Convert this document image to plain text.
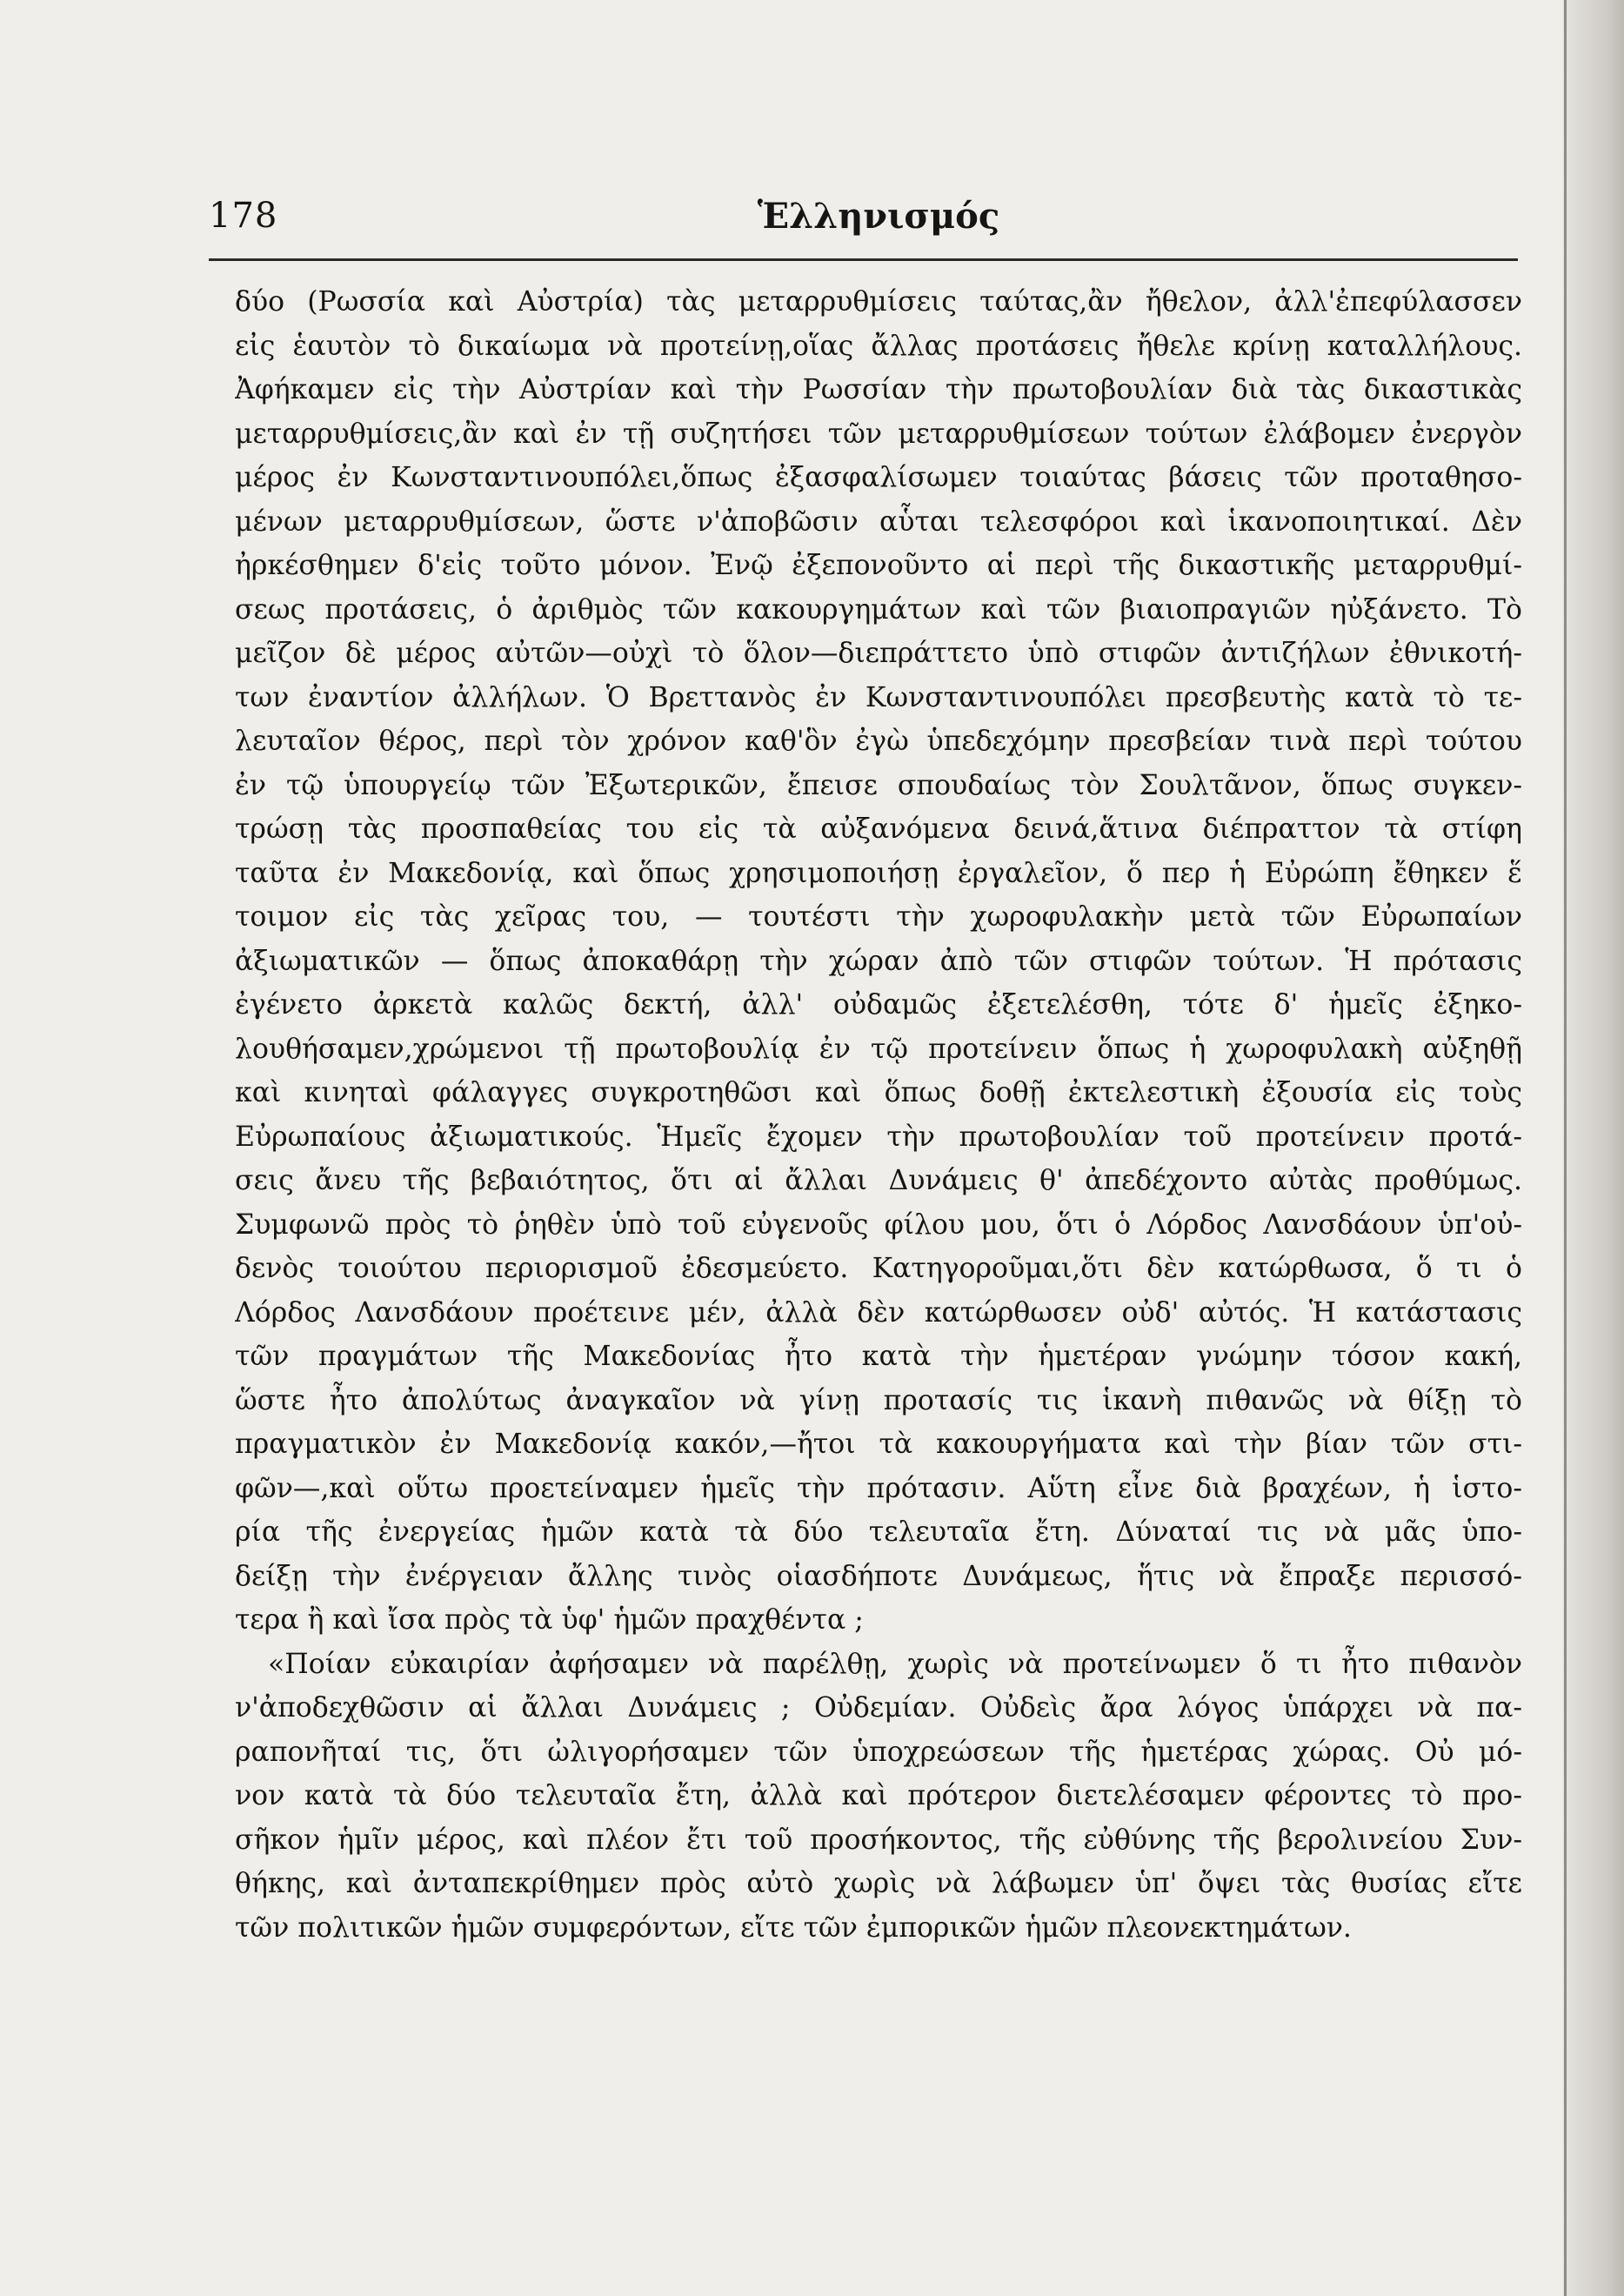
178	Ἑλληνισμός
δύο (Ρωσσία καὶ Αὐστρία) τὰς μεταρρυθμίσεις ταύτας,ἂν ἤθελον, ἀλλ'ἐπεφύλασσεν
εἰς ἑαυτὸν τὸ δικαίωμα νὰ προτείνῃ,οἵας ἄλλας προτάσεις ἤθελε κρίνῃ καταλλήλους.
Ἀφήκαμεν εἰς τὴν Αὐστρίαν καὶ τὴν Ρωσσίαν τὴν πρωτοβουλίαν διὰ τὰς δικαστικὰς
μεταρρυθμίσεις,ἂν καὶ ἐν τῇ συζητήσει τῶν μεταρρυθμίσεων τούτων ἐλάβομεν ἐνεργὸν
μέρος ἐν Κωνσταντινουπόλει,ὅπως ἐξασφαλίσωμεν τοιαύτας βάσεις τῶν προταθησο-
μένων μεταρρυθμίσεων, ὥστε ν'ἀποβῶσιν αὗται τελεσφόροι καὶ ἱκανοποιητικαί. Δὲν
ἠρκέσθημεν δ'εἰς τοῦτο μόνον. Ἐνῷ ἐξεπονοῦντο αἱ περὶ τῆς δικαστικῆς μεταρρυθμί-
σεως προτάσεις, ὁ ἀριθμὸς τῶν κακουργημάτων καὶ τῶν βιαιοπραγιῶν ηὐξάνετο. Τὸ
μεῖζον δὲ μέρος αὐτῶν—οὐχὶ τὸ ὅλον—διεπράττετο ὑπὸ στιφῶν ἀντιζήλων ἐθνικοτή-
των ἐναντίον ἀλλήλων. Ὁ Βρεττανὸς ἐν Κωνσταντινουπόλει πρεσβευτὴς κατὰ τὸ τε-
λευταῖον θέρος, περὶ τὸν χρόνον καθ'ὃν ἐγὼ ὑπεδεχόμην πρεσβείαν τινὰ περὶ τούτου
ἐν τῷ ὑπουργείῳ τῶν Ἐξωτερικῶν, ἔπεισε σπουδαίως τὸν Σουλτᾶνον, ὅπως συγκεν-
τρώσῃ τὰς προσπαθείας του εἰς τὰ αὐξανόμενα δεινά,ἅτινα διέπραττον τὰ στίφη
ταῦτα ἐν Μακεδονίᾳ, καὶ ὅπως χρησιμοποιήσῃ ἐργαλεῖον, ὅ περ ἡ Εὐρώπη ἔθηκεν ἕ
τοιμον εἰς τὰς χεῖρας του, — τουτέστι τὴν χωροφυλακὴν μετὰ τῶν Εὐρωπαίων
ἀξιωματικῶν — ὅπως ἀποκαθάρῃ τὴν χώραν ἀπὸ τῶν στιφῶν τούτων. Ἡ πρότασις
ἐγένετο ἀρκετὰ καλῶς δεκτή, ἀλλ' οὐδαμῶς ἐξετελέσθη, τότε δ' ἡμεῖς ἐξηκο-
λουθήσαμεν,χρώμενοι τῇ πρωτοβουλίᾳ ἐν τῷ προτείνειν ὅπως ἡ χωροφυλακὴ αὐξηθῇ
καὶ κινηταὶ φάλαγγες συγκροτηθῶσι καὶ ὅπως δοθῇ ἐκτελεστικὴ ἐξουσία εἰς τοὺς
Εὐρωπαίους ἀξιωματικούς. Ἡμεῖς ἔχομεν τὴν πρωτοβουλίαν τοῦ προτείνειν προτά-
σεις ἄνευ τῆς βεβαιότητος, ὅτι αἱ ἄλλαι Δυνάμεις θ' ἀπεδέχοντο αὐτὰς προθύμως.
Συμφωνῶ πρὸς τὸ ῥηθὲν ὑπὸ τοῦ εὐγενοῦς φίλου μου, ὅτι ὁ Λόρδος Λανσδάουν ὑπ'οὐ-
δενὸς τοιούτου περιορισμοῦ ἐδεσμεύετο. Κατηγοροῦμαι,ὅτι δὲν κατώρθωσα, ὅ τι ὁ
Λόρδος Λανσδάουν προέτεινε μέν, ἀλλὰ δὲν κατώρθωσεν οὐδ' αὐτός. Ἡ κατάστασις
τῶν πραγμάτων τῆς Μακεδονίας ἦτο κατὰ τὴν ἡμετέραν γνώμην τόσον κακή,
ὥστε ἦτο ἀπολύτως ἀναγκαῖον νὰ γίνῃ προτασίς τις ἱκανὴ πιθανῶς νὰ θίξῃ τὸ
πραγματικὸν ἐν Μακεδονίᾳ κακόν,—ἤτοι τὰ κακουργήματα καὶ τὴν βίαν τῶν στι-
φῶν—,καὶ οὕτω προετείναμεν ἡμεῖς τὴν πρότασιν. Αὕτη εἶνε διὰ βραχέων, ἡ ἱστο-
ρία τῆς ἐνεργείας ἡμῶν κατὰ τὰ δύο τελευταῖα ἔτη. Δύναταί τις νὰ μᾶς ὑπο-
δείξῃ τὴν ἐνέργειαν ἄλλης τινὸς οἱασδήποτε Δυνάμεως, ἥτις νὰ ἔπραξε περισσό-
τερα ἢ καὶ ἴσα πρὸς τὰ ὑφ' ἡμῶν πραχθέντα ;
«Ποίαν εὐκαιρίαν ἀφήσαμεν νὰ παρέλθῃ, χωρὶς νὰ προτείνωμεν ὅ τι ἦτο πιθανὸν
ν'ἀποδεχθῶσιν αἱ ἄλλαι Δυνάμεις ; Οὐδεμίαν. Οὐδεὶς ἄρα λόγος ὑπάρχει νὰ πα-
ραπονῆταί τις, ὅτι ὠλιγορήσαμεν τῶν ὑποχρεώσεων τῆς ἡμετέρας χώρας. Οὐ μό-
νον κατὰ τὰ δύο τελευταῖα ἔτη, ἀλλὰ καὶ πρότερον διετελέσαμεν φέροντες τὸ προ-
σῆκον ἡμῖν μέρος, καὶ πλέον ἔτι τοῦ προσήκοντος, τῆς εὐθύνης τῆς βερολινείου Συν-
θήκης, καὶ ἀνταπεκρίθημεν πρὸς αὐτὸ χωρὶς νὰ λάβωμεν ὑπ' ὄψει τὰς θυσίας εἴτε
τῶν πολιτικῶν ἡμῶν συμφερόντων, εἴτε τῶν ἐμπορικῶν ἡμῶν πλεονεκτημάτων.
